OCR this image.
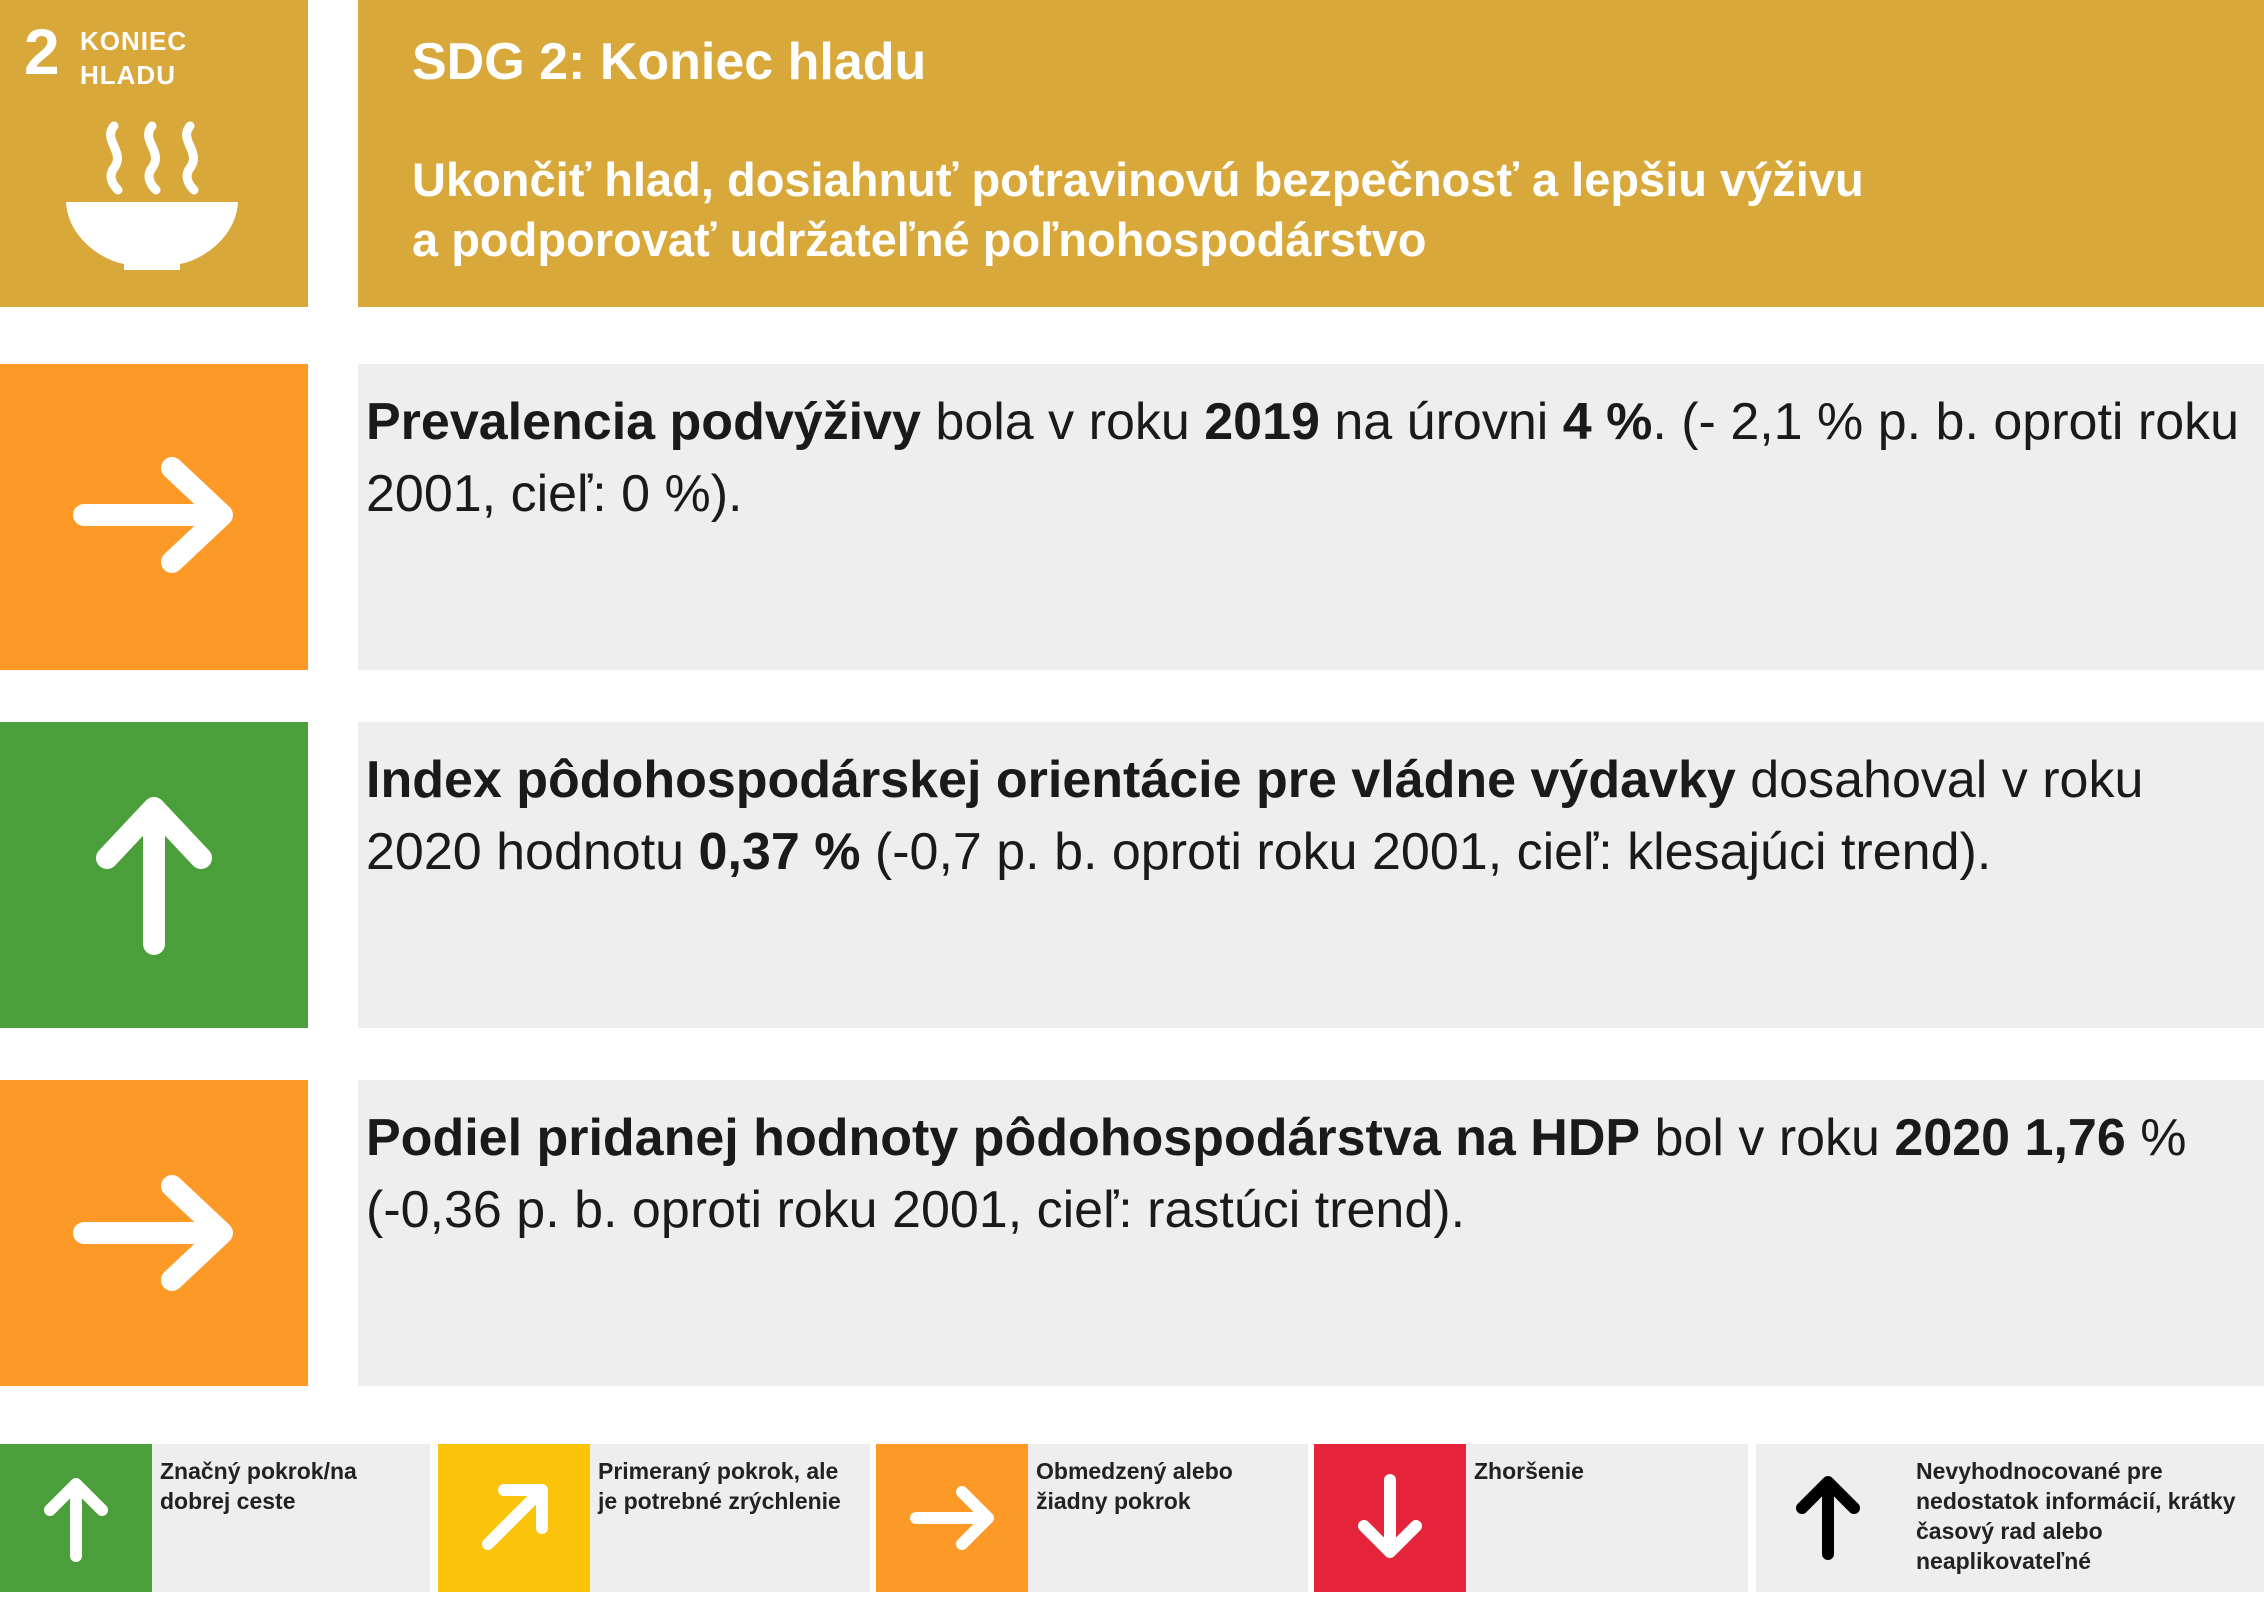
2 KONIEC
HLADU	SDG 2: Koniec hladu
Ukončiť hlad, dosiahnuť potravinovú bezpečnosť a lepšiu výživu
a podporovať udržateľné poľnohospodárstvo
Prevalencia podvýživy bola v roku 2019 na úrovni 4 %. (- 2,1 % p. b. oproti roku 2001, cieľ: 0 %).
Index pôdohospodárskej orientácie pre vládne výdavky dosahoval v roku 2020 hodnotu 0,37 % (-0,7 p. b. oproti roku 2001, cieľ: klesajúci trend).
Podiel pridanej hodnoty pôdohospodárstva na HDP bol v roku 2020 1,76 % (-0,36 p. b. oproti roku 2001, cieľ: rastúci trend).
Značný pokrok/na
dobrej ceste
Primeraný pokrok, ale
je potrebné zrýchlenie
Obmedzený alebo
žiadny pokrok
Zhoršenie	Nevyhodnocované pre
nedostatok informácií, krátky
časový rad alebo
neaplikovateľné
